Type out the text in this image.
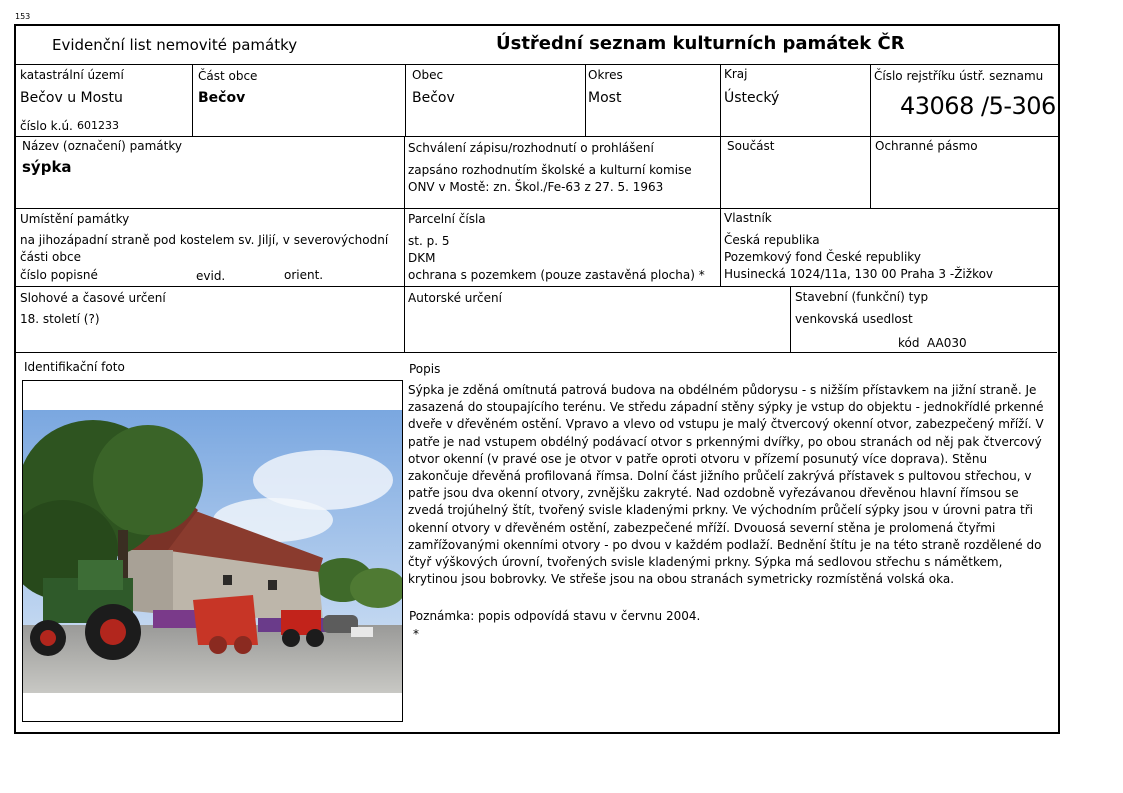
153
Evidenční list nemovité památky	Ústřední seznam kulturních památek ČR
katastrální území
Bečov u Mostu
číslo k.ú. 601233
Část obce
Bečov
Obec
Bečov
Okres
Most
Kraj
Ústecký
Číslo rejstříku ústř. seznamu
43068 /5-306
Název (označení) památky
sýpka
Schválení zápisu/rozhodnutí o prohlášení
zapsáno rozhodnutím školské a kulturní komise
ONV v Mostě: zn. Škol./Fe-63 z 27. 5. 1963
Součást	Ochranné pásmo
Umístění památky
na jihozápadní straně pod kostelem sv. Jiljí, v severovýchodní
části obce
číslo popisné	evid.	orient.
Parcelní čísla
st. p. 5
DKM
ochrana s pozemkem (pouze zastavěná plocha) *
Vlastník
Česká republika
Pozemkový fond České republiky
Husinecká 1024/11a, 130 00 Praha 3 -Žižkov
Slohové a časové určení
18. století (?)
Autorské určení	Stavební (funkční) typ
venkovská usedlost
kód AA030
Identifikační foto	Popis
Sýpka je zděná omítnutá patrová budova na obdélném půdorysu - s nižším přístavkem na jižní straně. Je zasazená do stoupajícího terénu. Ve středu západní stěny sýpky je vstup do objektu - jednokřídlé prkenné dveře v dřevěném ostění. Vpravo a vlevo od vstupu je malý čtvercový okenní otvor, zabezpečený mříží. V patře je nad vstupem obdélný podávací otvor s prkennými dvířky, po obou stranách od něj pak čtvercový otvor okenní (v pravé ose je otvor v patře oproti otvoru v přízemí posunutý více doprava). Stěnu zakončuje dřevěná profilovaná římsa. Dolní část jižního průčelí zakrývá přístavek s pultovou střechou, v patře jsou dva okenní otvory, zvnějšku zakryté. Nad ozdobně vyřezávanou dřevěnou hlavní římsou se zvedá trojúhelný štít, tvořený svisle kladenými prkny. Ve východním průčelí sýpky jsou v úrovni patra tři okenní otvory v dřevěném ostění, zabezpečené mříží. Dvouosá severní stěna je prolomená čtyřmi zamřížovanými okenními otvory - po dvou v každém podlaží. Bednění štítu je na této straně rozdělené do čtyř výškových úrovní, tvořených svisle kladenými prkny. Sýpka má sedlovou střechu s námětkem, krytinou jsou bobrovky. Ve střeše jsou na obou stranách symetricky rozmístěná volská oka.
Poznámka: popis odpovídá stavu v červnu 2004.
*
